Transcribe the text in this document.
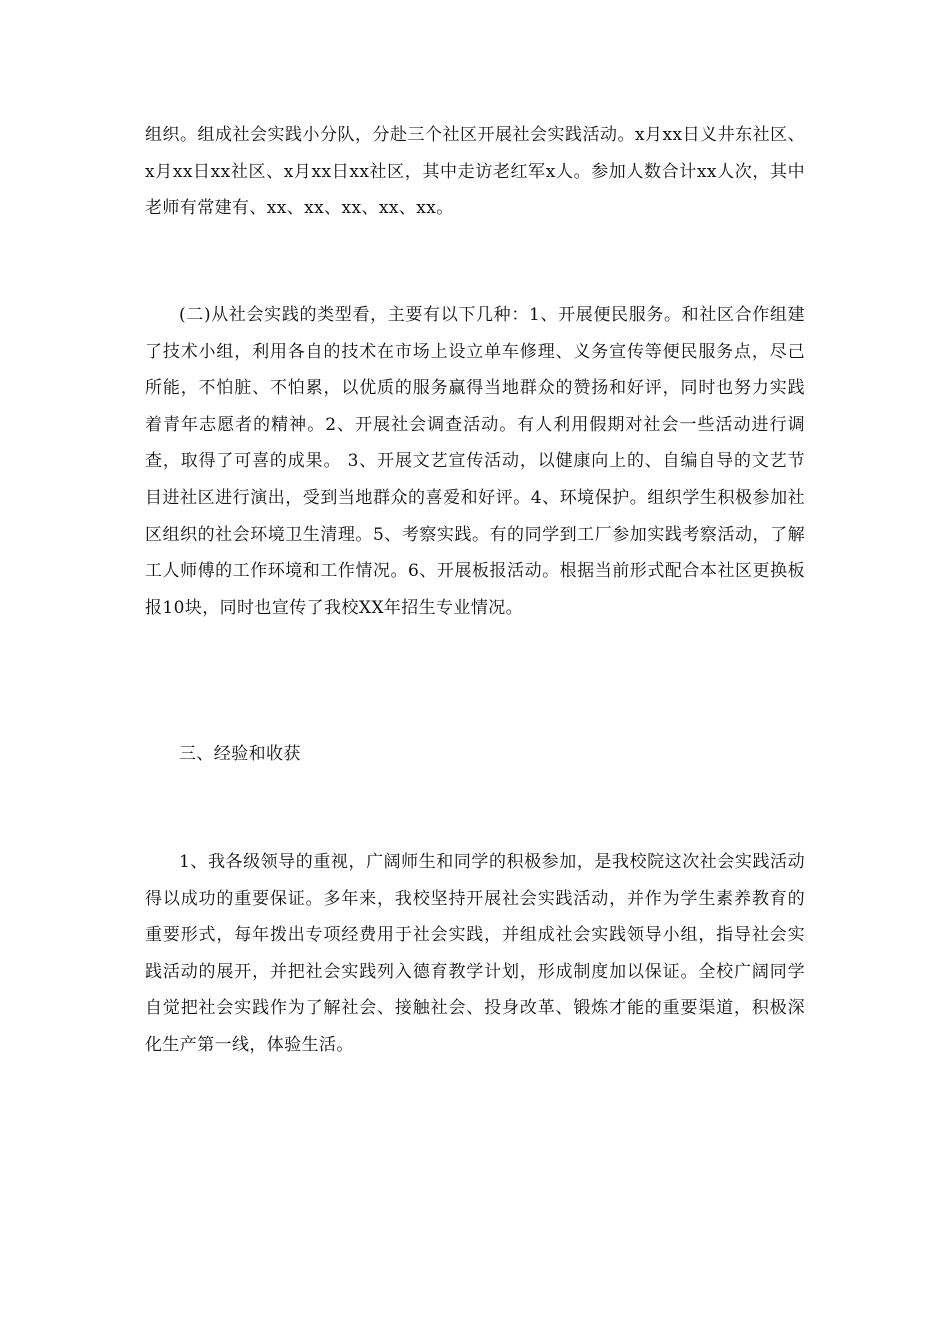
组织。组成社会实践小分队，分赴三个社区开展社会实践活动。x月xx日义井东社区、x月xx日xx社区、x月xx日xx社区，其中走访老红军x人。参加人数合计xx人次，其中老师有常建有、xx、xx、xx、xx、xx。

(二)从社会实践的类型看，主要有以下几种：1、开展便民服务。和社区合作组建了技术小组，利用各自的技术在市场上设立单车修理、义务宣传等便民服务点，尽己所能，不怕脏、不怕累，以优质的服务赢得当地群众的赞扬和好评，同时也努力实践着青年志愿者的精神。2、开展社会调查活动。有人利用假期对社会一些活动进行调查，取得了可喜的成果。 3、开展文艺宣传活动，以健康向上的、自编自导的文艺节目进社区进行演出，受到当地群众的喜爱和好评。4、环境保护。组织学生积极参加社区组织的社会环境卫生清理。5、考察实践。有的同学到工厂参加实践考察活动，了解工人师傅的工作环境和工作情况。6、开展板报活动。根据当前形式配合本社区更换板报10块，同时也宣传了我校XX年招生专业情况。

三、经验和收获

1、我各级领导的重视，广阔师生和同学的积极参加，是我校院这次社会实践活动得以成功的重要保证。多年来，我校坚持开展社会实践活动，并作为学生素养教育的重要形式，每年拨出专项经费用于社会实践，并组成社会实践领导小组，指导社会实践活动的展开，并把社会实践列入德育教学计划，形成制度加以保证。全校广阔同学自觉把社会实践作为了解社会、接触社会、投身改革、锻炼才能的重要渠道，积极深化生产第一线，体验生活。
